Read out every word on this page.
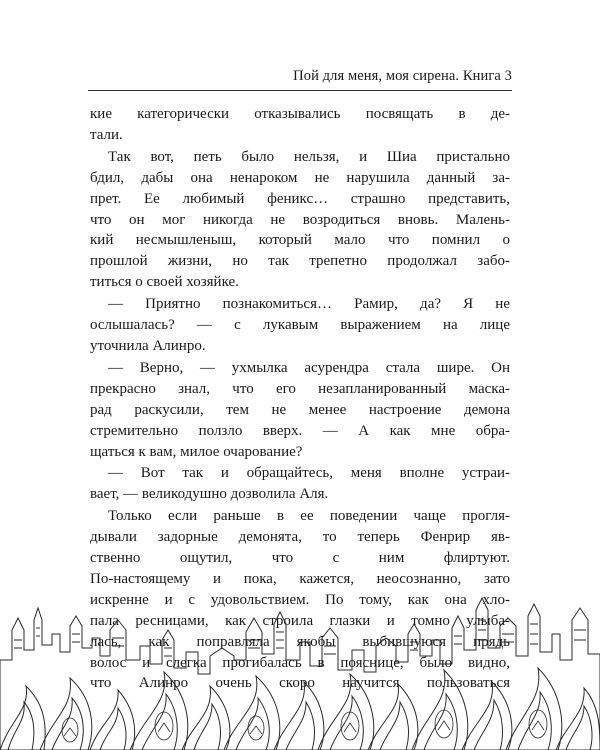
Пой для меня, моя сирена. Книга 3

кие категорически отказывались посвящать в де-
тали.

Так вот, петь было нельзя, и Шиа пристально
бдил, дабы она ненароком не нарушила данный за-
прет. Ее любимый феникс… страшно представить,
что он мог никогда не возродиться вновь. Малень-
кий несмышленыш, который мало что помнил о
прошлой жизни, но так трепетно продолжал забо-
титься о своей хозяйке.

— Приятно познакомиться… Рамир, да? Я не
ослышалась? — с лукавым выражением на лице
уточнила Алинро.

— Верно, — ухмылка асурендра стала шире. Он
прекрасно знал, что его незапланированный маска-
рад раскусили, тем не менее настроение демона
стремительно ползло вверх. — А как мне обра-
щаться к вам, милое очарование?

— Вот так и обращайтесь, меня вполне устраи-
вает, — великодушно дозволила Аля.

Только если раньше в ее поведении чаще прогля-
дывали задорные демонята, то теперь Фенрир яв-
ственно ощутил, что с ним флиртуют.
По-настоящему и пока, кажется, неосознанно, зато
искренне и с удовольствием. По тому, как она хло-
пала ресницами, как строила глазки и томно улыба-
лась, как поправляла якобы выбившуюся прядь
волос и слегка прогибалась в пояснице, было видно,
что Алинро очень скоро научится пользоваться
